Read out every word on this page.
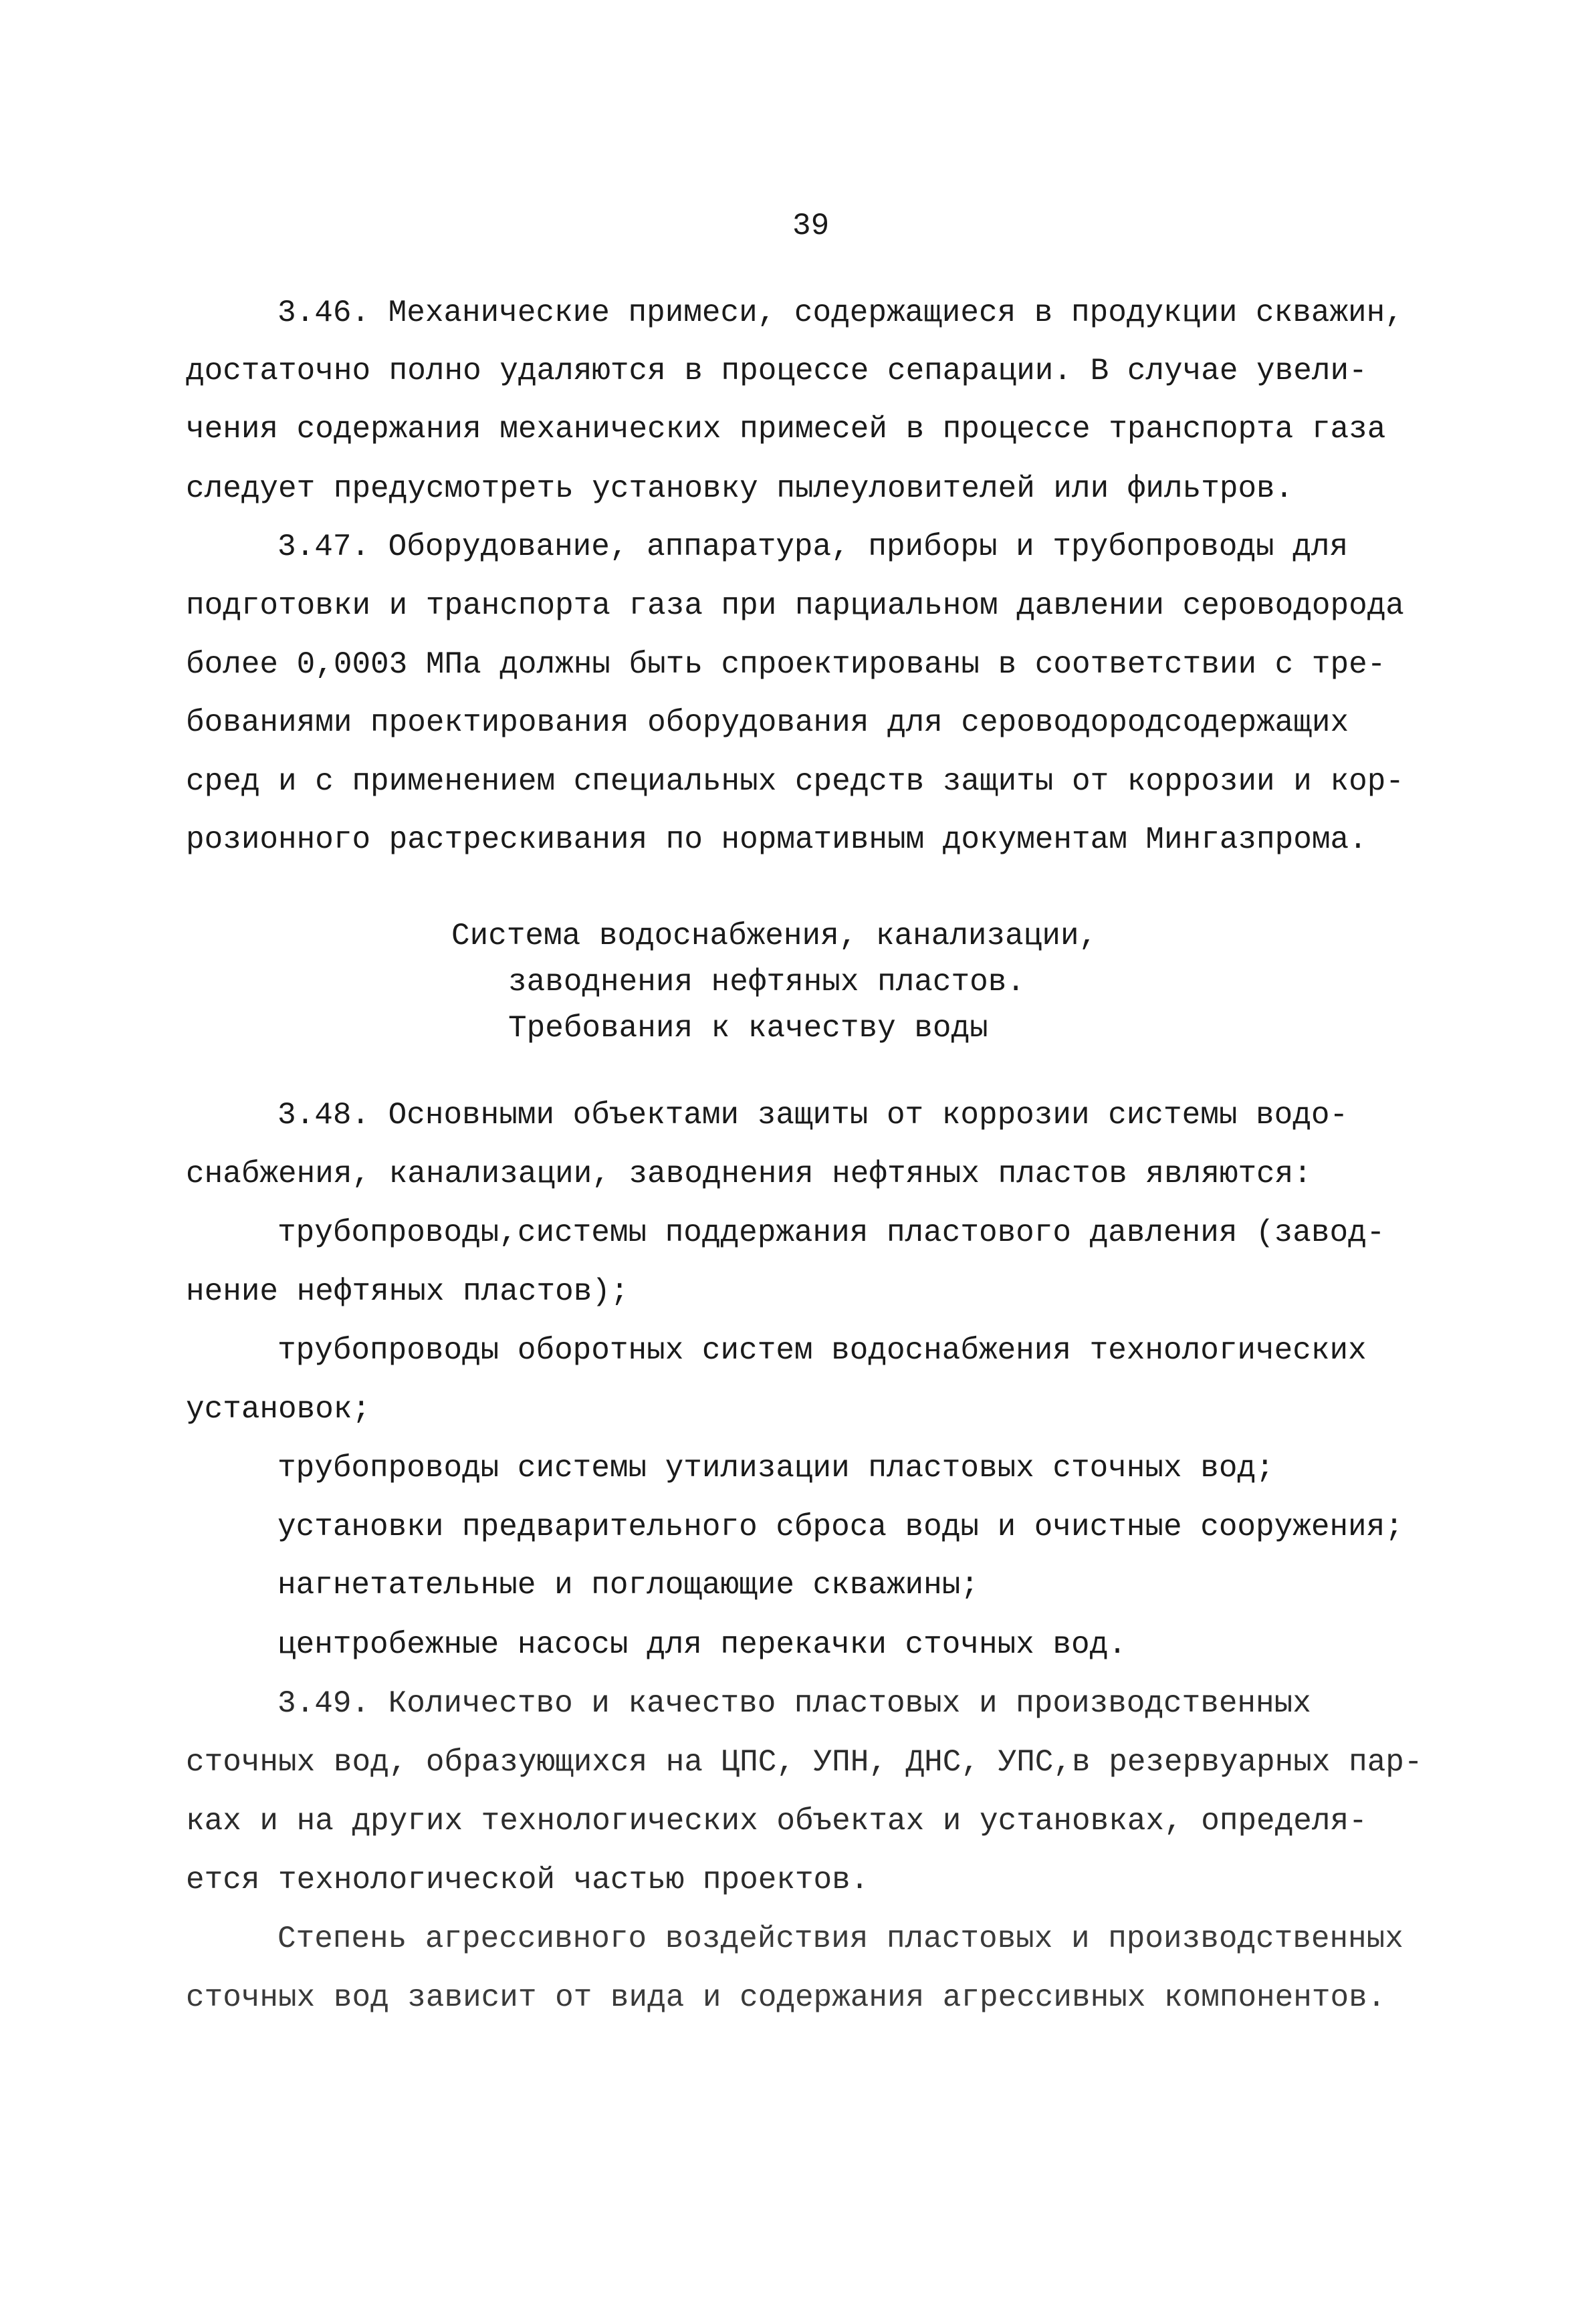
39
3.46. Механические примеси, содержащиеся в продукции скважин,
достаточно полно удаляются в процессе сепарации. В случае увели-
чения содержания механических примесей в процессе транспорта газа
следует предусмотреть установку пылеуловителей или фильтров.
3.47. Оборудование, аппаратура, приборы и трубопроводы для
подготовки и транспорта газа при парциальном давлении сероводорода
более 0,0003 МПа должны быть спроектированы в соответствии с тре-
бованиями проектирования оборудования для сероводородсодержащих
сред и с применением специальных средств защиты от коррозии и кор-
розионного растрескивания по нормативным документам Мингазпрома.
Система водоснабжения, канализации,
заводнения нефтяных пластов.
Требования к качеству воды
3.48. Основными объектами защиты от коррозии системы водо-
снабжения, канализации, заводнения нефтяных пластов являются:
трубопроводы,системы поддержания пластового давления (завод-
нение нефтяных пластов);
трубопроводы оборотных систем водоснабжения технологических
установок;
трубопроводы системы утилизации пластовых сточных вод;
установки предварительного сброса воды и очистные сооружения;
нагнетательные и поглощающие скважины;
центробежные насосы для перекачки сточных вод.
3.49. Количество и качество пластовых и производственных
сточных вод, образующихся на ЦПС, УПН, ДНС, УПС,в резервуарных пар-
ках и на других технологических объектах и установках, определя-
ется технологической частью проектов.
Степень агрессивного воздействия пластовых и производственных
сточных вод зависит от вида и содержания агрессивных компонентов.
